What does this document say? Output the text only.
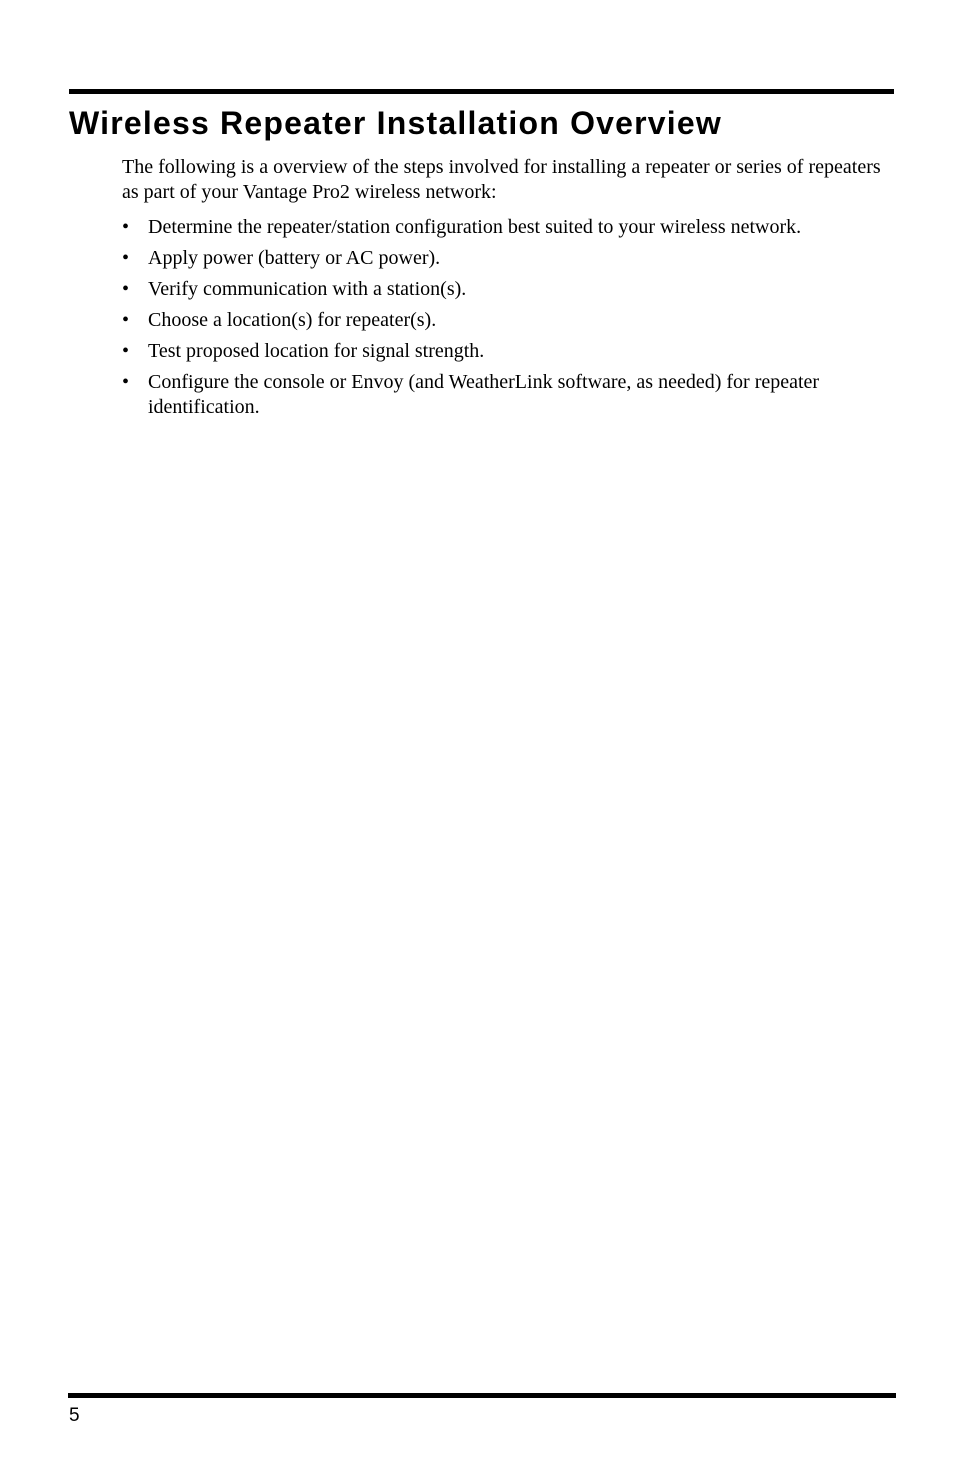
Wireless Repeater Installation Overview

The following is a overview of the steps involved for installing a repeater or series of repeaters as part of your Vantage Pro2 wireless network:

• Determine the repeater/station configuration best suited to your wireless network.
• Apply power (battery or AC power).
• Verify communication with a station(s).
• Choose a location(s) for repeater(s).
• Test proposed location for signal strength.
• Configure the console or Envoy (and WeatherLink software, as needed) for repeater identification.
5
